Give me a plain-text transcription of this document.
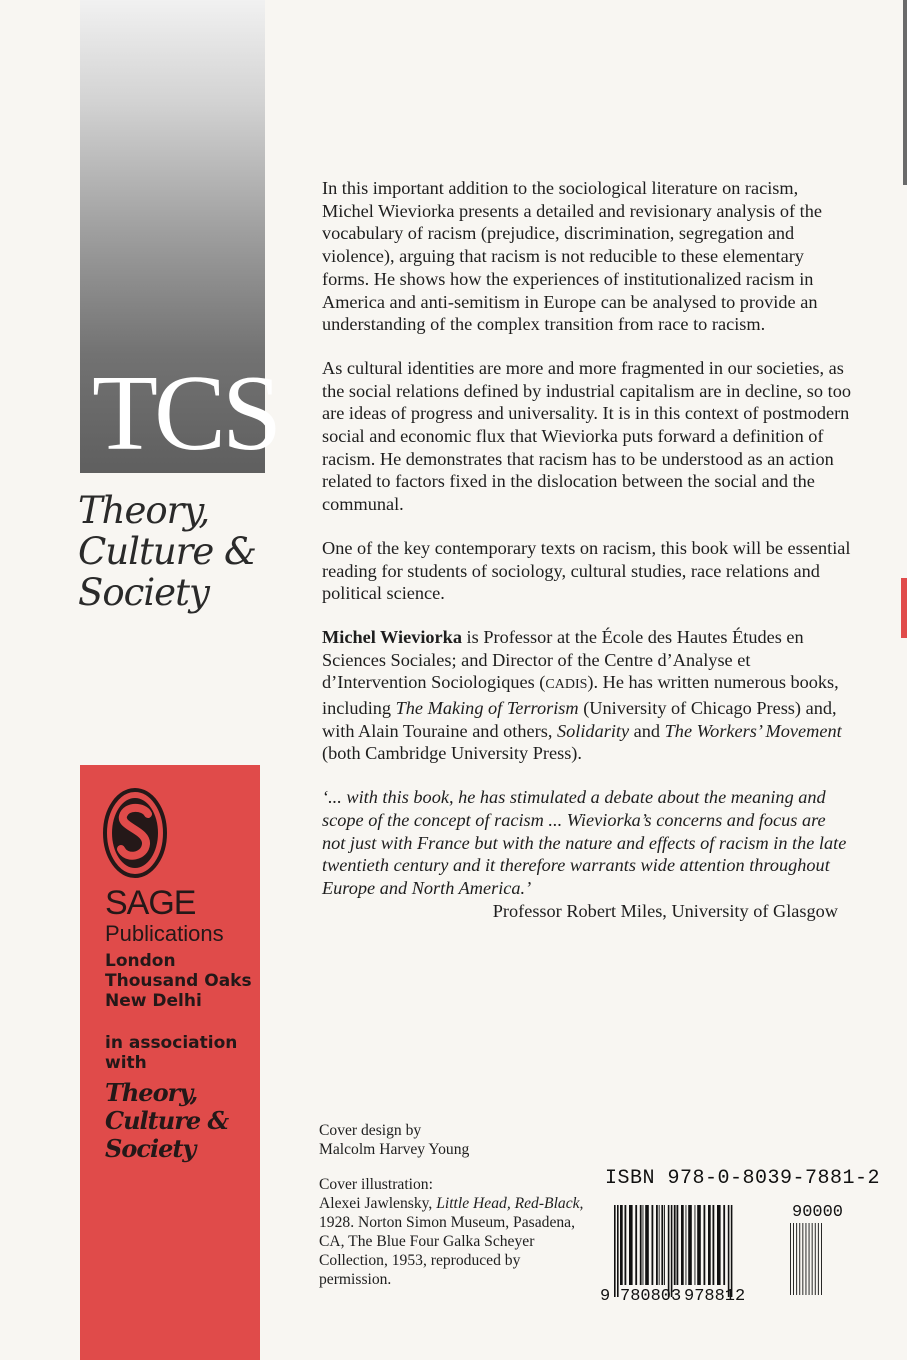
TCS
Theory,
Culture &
Society
SAGE
Publications
London
Thousand Oaks
New Delhi
in association with
Theory,
Culture &
Society

In this important addition to the sociological literature on racism, Michel Wieviorka presents a detailed and revisionary analysis of the vocabulary of racism (prejudice, discrimination, segregation and violence), arguing that racism is not reducible to these elementary forms. He shows how the experiences of institutionalized racism in America and anti-semitism in Europe can be analysed to provide an understanding of the complex transition from race to racism.

As cultural identities are more and more fragmented in our societies, as the social relations defined by industrial capitalism are in decline, so too are ideas of progress and universality. It is in this context of postmodern social and economic flux that Wieviorka puts forward a definition of racism. He demonstrates that racism has to be understood as an action related to factors fixed in the dislocation between the social and the communal.

One of the key contemporary texts on racism, this book will be essential reading for students of sociology, cultural studies, race relations and political science.

Michel Wieviorka is Professor at the École des Hautes Études en Sciences Sociales; and Director of the Centre d’Analyse et d’Intervention Sociologiques (CADIS). He has written numerous books, including The Making of Terrorism (University of Chicago Press) and, with Alain Touraine and others, Solidarity and The Workers’ Movement (both Cambridge University Press).

‘... with this book, he has stimulated a debate about the meaning and scope of the concept of racism ... Wieviorka’s concerns and focus are not just with France but with the nature and effects of racism in the late twentieth century and it therefore warrants wide attention throughout Europe and North America.’

Professor Robert Miles, University of Glasgow

Cover design by
Malcolm Harvey Young

Cover illustration:
Alexei Jawlensky, Little Head, Red-Black, 1928. Norton Simon Museum, Pasadena, CA, The Blue Four Galka Scheyer Collection, 1953, reproduced by permission.

ISBN 978-0-8039-7881-2
9 780803 978812
90000
